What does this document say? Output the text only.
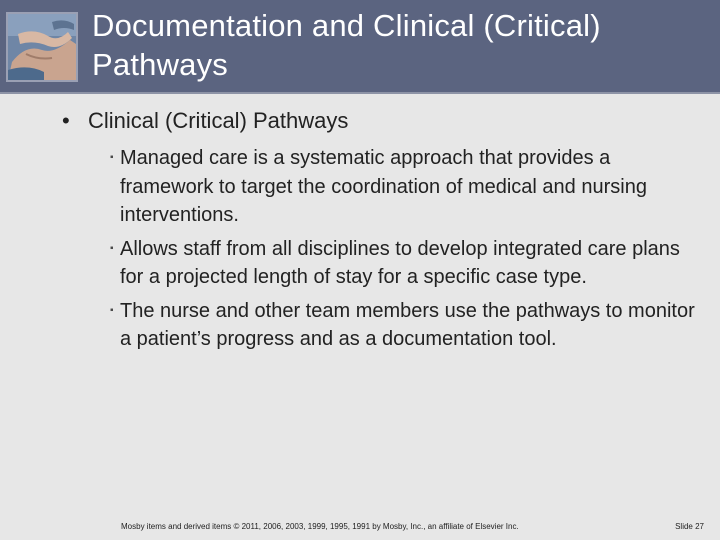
Documentation and Clinical (Critical) Pathways
• Clinical (Critical) Pathways
▪ Managed care is a systematic approach that provides a framework to target the coordination of medical and nursing interventions.
▪ Allows staff from all disciplines to develop integrated care plans for a projected length of stay for a specific case type.
▪ The nurse and other team members use the pathways to monitor a patient’s progress and as a documentation tool.
Mosby items and derived items © 2011, 2006, 2003, 1999, 1995, 1991 by Mosby, Inc., an affiliate of Elsevier Inc.	Slide 27
